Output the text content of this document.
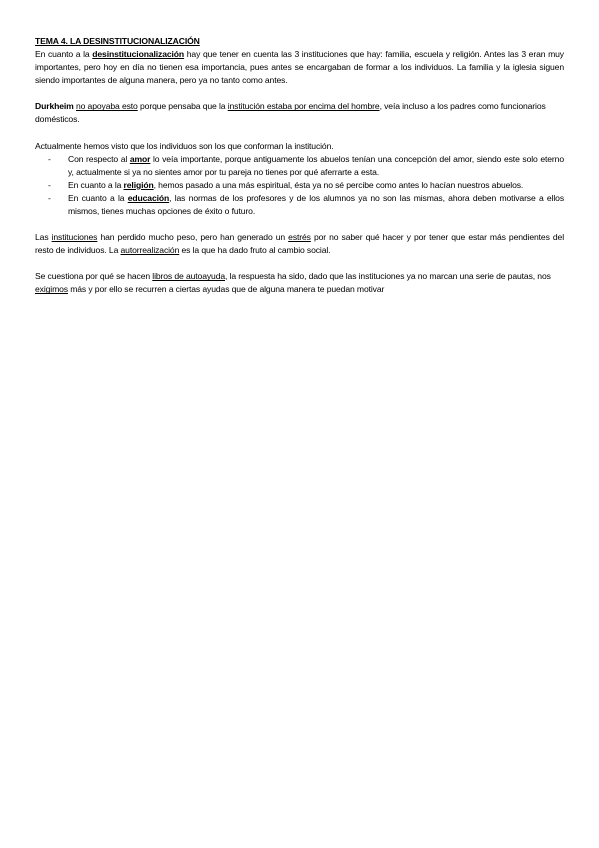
TEMA 4. LA DESINSTITUCIONALIZACIÓN

En cuanto a la desinstitucionalización hay que tener en cuenta las 3 instituciones que hay: familia, escuela y religión. Antes las 3 eran muy importantes, pero hoy en día no tienen esa importancia, pues antes se encargaban de formar a los individuos. La familia y la iglesia siguen siendo importantes de alguna manera, pero ya no tanto como antes.

Durkheim no apoyaba esto porque pensaba que la institución estaba por encima del hombre, veía incluso a los padres como funcionarios domésticos.

Actualmente hemos visto que los individuos son los que conforman la institución.

- Con respecto al amor lo veía importante, porque antiguamente los abuelos tenían una concepción del amor, siendo este solo eterno y, actualmente si ya no sientes amor por tu pareja no tienes por qué aferrarte a esta.
- En cuanto a la religión, hemos pasado a una más espiritual, ésta ya no sé percibe como antes lo hacían nuestros abuelos.
- En cuanto a la educación, las normas de los profesores y de los alumnos ya no son las mismas, ahora deben motivarse a ellos mismos, tienes muchas opciones de éxito o futuro.

Las instituciones han perdido mucho peso, pero han generado un estrés por no saber qué hacer y por tener que estar más pendientes del resto de individuos. La autorrealización es la que ha dado fruto al cambio social.

Se cuestiona por qué se hacen libros de autoayuda, la respuesta ha sido, dado que las instituciones ya no marcan una serie de pautas, nos exigimos más y por ello se recurren a ciertas ayudas que de alguna manera te puedan motivar
